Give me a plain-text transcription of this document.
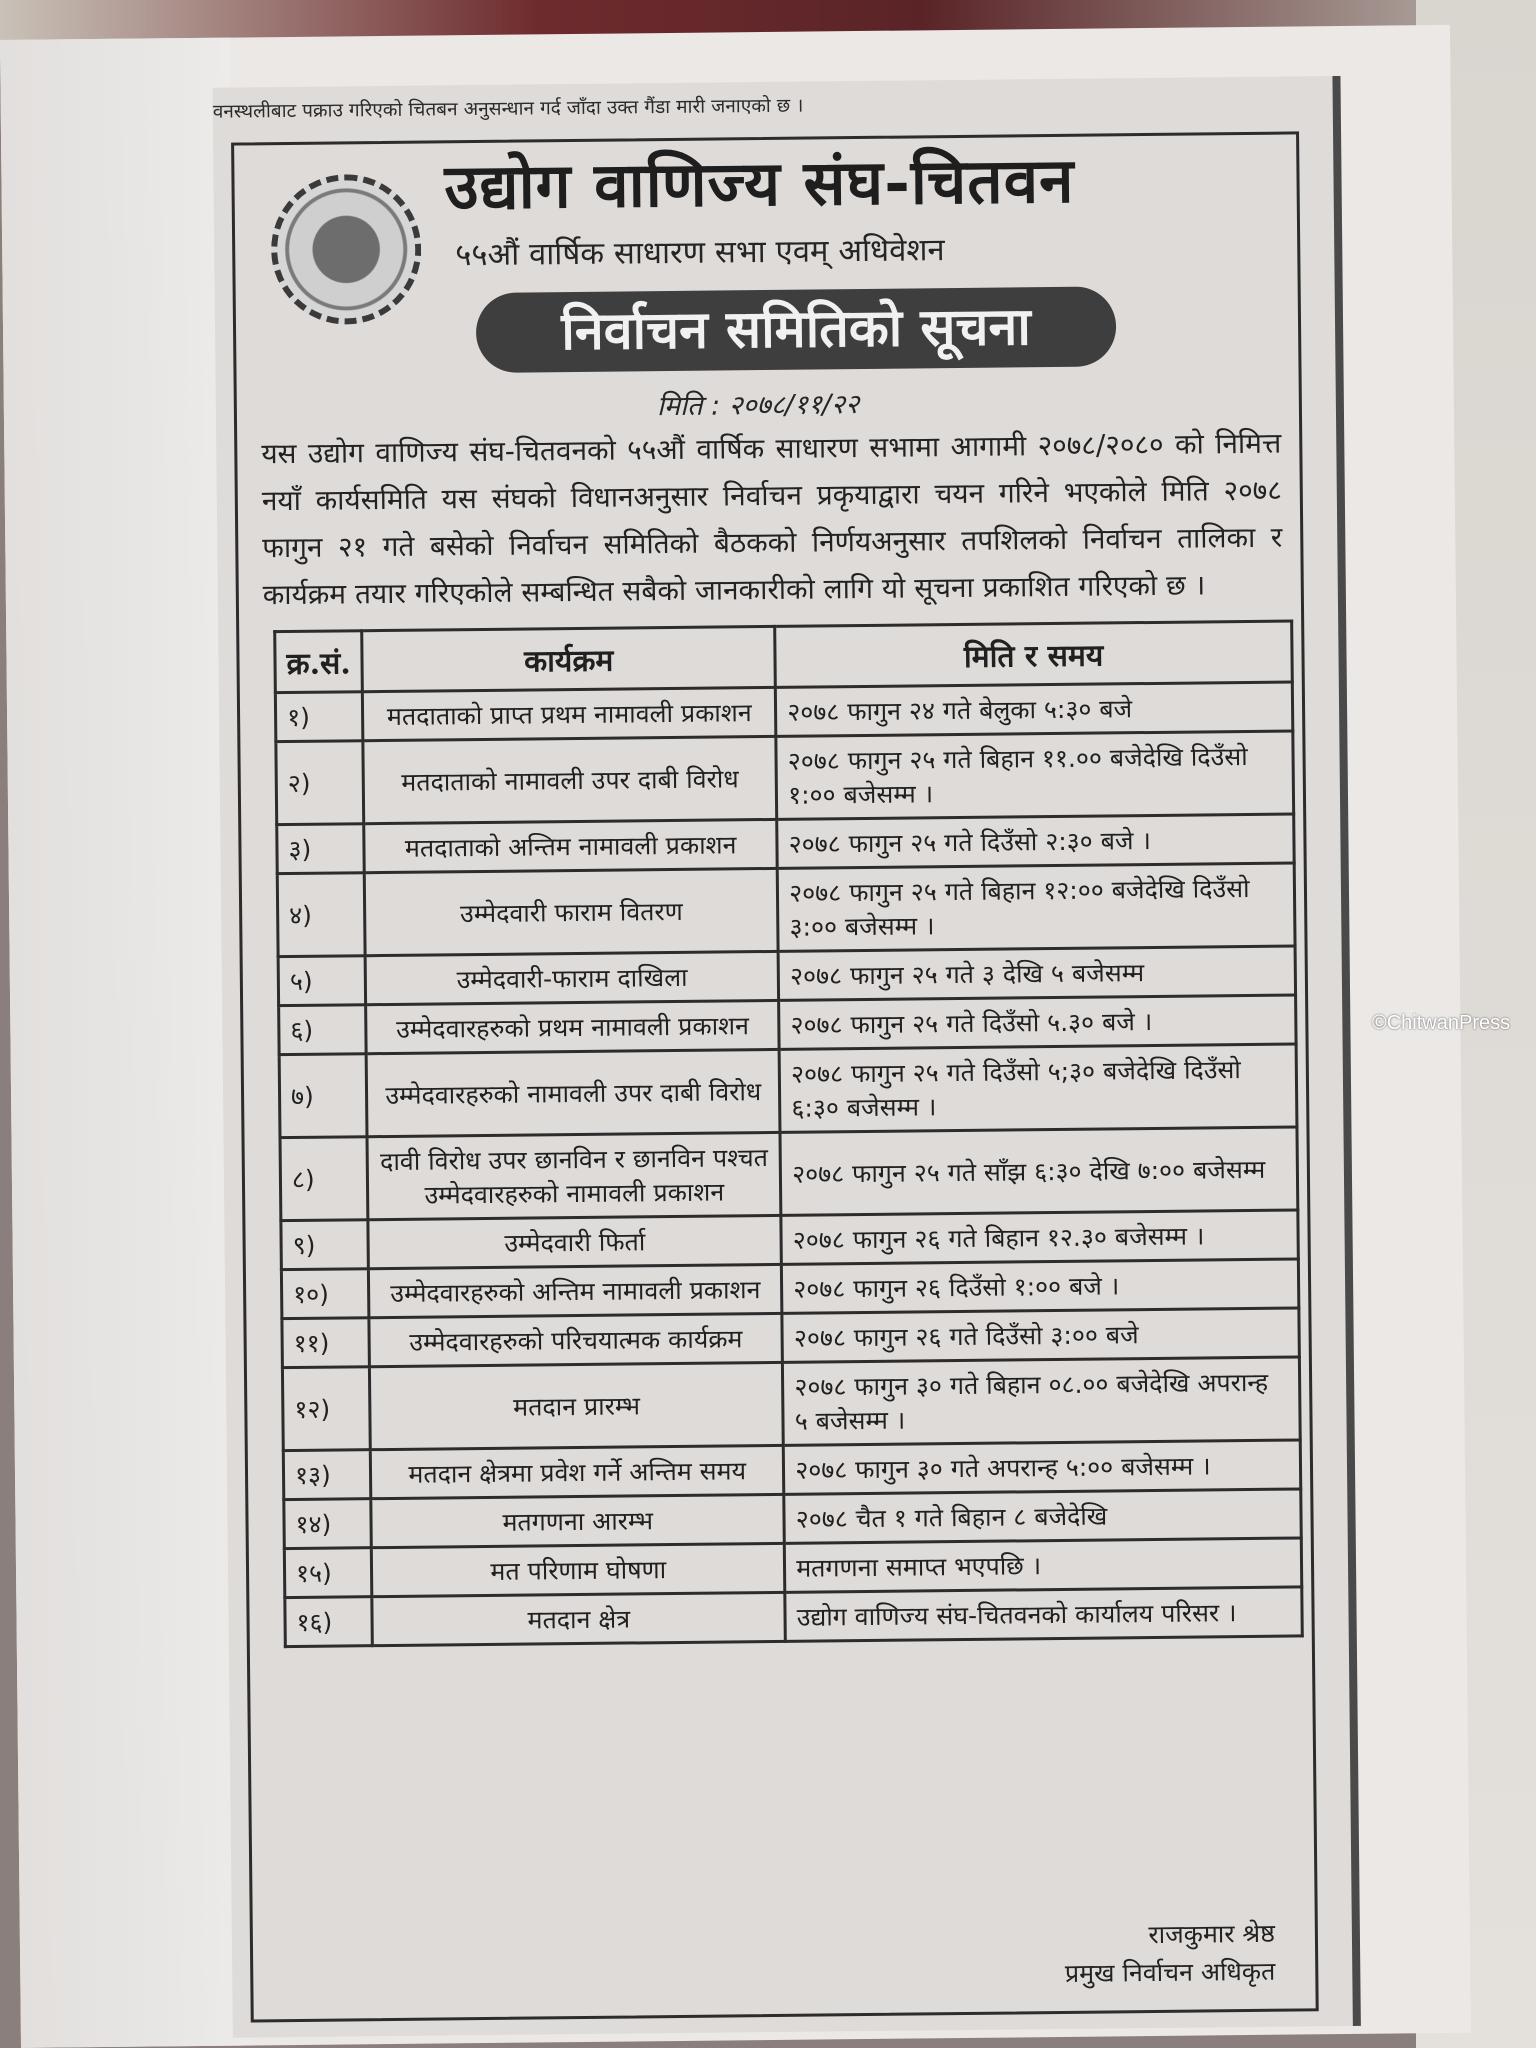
वनस्थलीबाट पक्राउ गरिएको चितबन अनुसन्धान गर्द जाँदा उक्त गैंडा मारी जनाएको छ ।
उद्योग वाणिज्य संघ-चितवन
५५औं वार्षिक साधारण सभा एवम् अधिवेशन
निर्वाचन समितिको सूचना
मिति : २०७८/११/२२
यस उद्योग वाणिज्य संघ-चितवनको ५५औं वार्षिक साधारण सभामा आगामी २०७८/२०८० को निमित्त नयाँ कार्यसमिति यस संघको विधानअनुसार निर्वाचन प्रकृयाद्वारा चयन गरिने भएकोले मिति २०७८ फागुन २१ गते बसेको निर्वाचन समितिको बैठकको निर्णयअनुसार तपशिलको निर्वाचन तालिका र कार्यक्रम तयार गरिएकोले सम्बन्धित सबैको जानकारीको लागि यो सूचना प्रकाशित गरिएको छ ।
क्र.सं.	कार्यक्रम	मिति र समय
१)	मतदाताको प्राप्त प्रथम नामावली प्रकाशन	२०७८ फागुन २४ गते बेलुका ५:३० बजे
२)	मतदाताको नामावली उपर दाबी विरोध	२०७८ फागुन २५ गते बिहान ११.०० बजेदेखि दिउँसो १:०० बजेसम्म ।
३)	मतदाताको अन्तिम नामावली प्रकाशन	२०७८ फागुन २५ गते दिउँसो २:३० बजे ।
४)	उम्मेदवारी फाराम वितरण	२०७८ फागुन २५ गते बिहान १२:०० बजेदेखि दिउँसो ३:०० बजेसम्म ।
५)	उम्मेदवारी-फाराम दाखिला	२०७८ फागुन २५ गते ३ देखि ५ बजेसम्म
६)	उम्मेदवारहरुको प्रथम नामावली प्रकाशन	२०७८ फागुन २५ गते दिउँसो ५.३० बजे ।
७)	उम्मेदवारहरुको नामावली उपर दाबी विरोध	२०७८ फागुन २५ गते दिउँसो ५;३० बजेदेखि दिउँसो ६:३० बजेसम्म ।
८)	दावी विरोध उपर छानविन र छानविन पश्चत उम्मेदवारहरुको नामावली प्रकाशन	२०७८ फागुन २५ गते साँझ ६:३० देखि ७:०० बजेसम्म
९)	उम्मेदवारी फिर्ता	२०७८ फागुन २६ गते बिहान १२.३० बजेसम्म ।
१०)	उम्मेदवारहरुको अन्तिम नामावली प्रकाशन	२०७८ फागुन २६ दिउँसो १:०० बजे ।
११)	उम्मेदवारहरुको परिचयात्मक कार्यक्रम	२०७८ फागुन २६ गते दिउँसो ३:०० बजे
१२)	मतदान प्रारम्भ	२०७८ फागुन ३० गते बिहान ०८.०० बजेदेखि अपरान्ह ५ बजेसम्म ।
१३)	मतदान क्षेत्रमा प्रवेश गर्ने अन्तिम समय	२०७८ फागुन ३० गते अपरान्ह ५:०० बजेसम्म ।
१४)	मतगणना आरम्भ	२०७८ चैत १ गते बिहान ८ बजेदेखि
१५)	मत परिणाम घोषणा	मतगणना समाप्त भएपछि ।
१६)	मतदान क्षेत्र	उद्योग वाणिज्य संघ-चितवनको कार्यालय परिसर ।
राजकुमार श्रेष्ठ
प्रमुख निर्वाचन अधिकृत
©ChitwanPress
